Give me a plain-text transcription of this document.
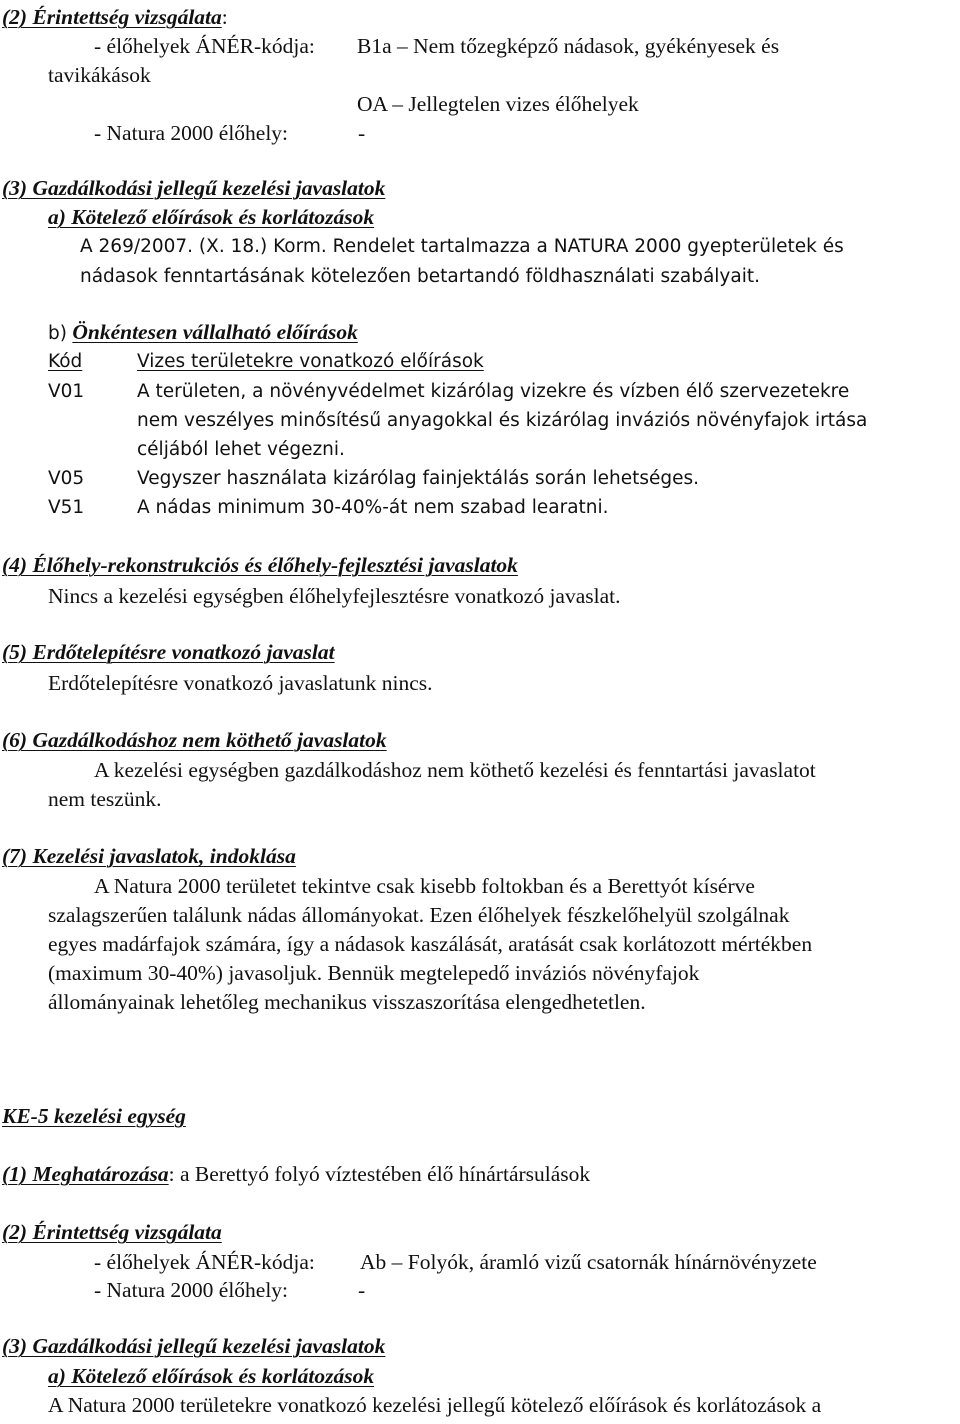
(2) Érintettség vizsgálata:
- élőhelyek ÁNÉR-kódja: B1a – Nem tőzegképző nádasok, gyékényesek és
tavikákások
OA – Jellegtelen vizes élőhelyek
- Natura 2000 élőhely:	-
(3) Gazdálkodási jellegű kezelési javaslatok
a) Kötelező előírások és korlátozások
A 269/2007. (X. 18.) Korm. Rendelet tartalmazza a NATURA 2000 gyepterületek és
nádasok fenntartásának kötelezően betartandó földhasználati szabályait.
b) Önkéntesen vállalható előírások
Kód	Vizes területekre vonatkozó előírások
V01	A területen, a növényvédelmet kizárólag vizekre és vízben élő szervezetekre
nem veszélyes minősítésű anyagokkal és kizárólag inváziós növényfajok irtása
céljából lehet végezni.
V05	Vegyszer használata kizárólag fainjektálás során lehetséges.
V51	A nádas minimum 30-40%-át nem szabad learatni.
(4) Élőhely-rekonstrukciós és élőhely-fejlesztési javaslatok
Nincs a kezelési egységben élőhelyfejlesztésre vonatkozó javaslat.
(5) Erdőtelepítésre vonatkozó javaslat
Erdőtelepítésre vonatkozó javaslatunk nincs.
(6) Gazdálkodáshoz nem köthető javaslatok
A kezelési egységben gazdálkodáshoz nem köthető kezelési és fenntartási javaslatot
nem teszünk.
(7) Kezelési javaslatok, indoklása
A Natura 2000 területet tekintve csak kisebb foltokban és a Berettyót kísérve
szalagszerűen találunk nádas állományokat. Ezen élőhelyek fészkelőhelyül szolgálnak
egyes madárfajok számára, így a nádasok kaszálását, aratását csak korlátozott mértékben
(maximum 30-40%) javasoljuk. Bennük megtelepedő inváziós növényfajok
állományainak lehetőleg mechanikus visszaszorítása elengedhetetlen.
KE-5 kezelési egység
(1) Meghatározása: a Berettyó folyó víztestében élő hínártársulások
(2) Érintettség vizsgálata
- élőhelyek ÁNÉR-kódja: Ab – Folyók, áramló vizű csatornák hínárnövényzete
- Natura 2000 élőhely:	-
(3) Gazdálkodási jellegű kezelési javaslatok
a) Kötelező előírások és korlátozások
A Natura 2000 területekre vonatkozó kezelési jellegű kötelező előírások és korlátozások a
